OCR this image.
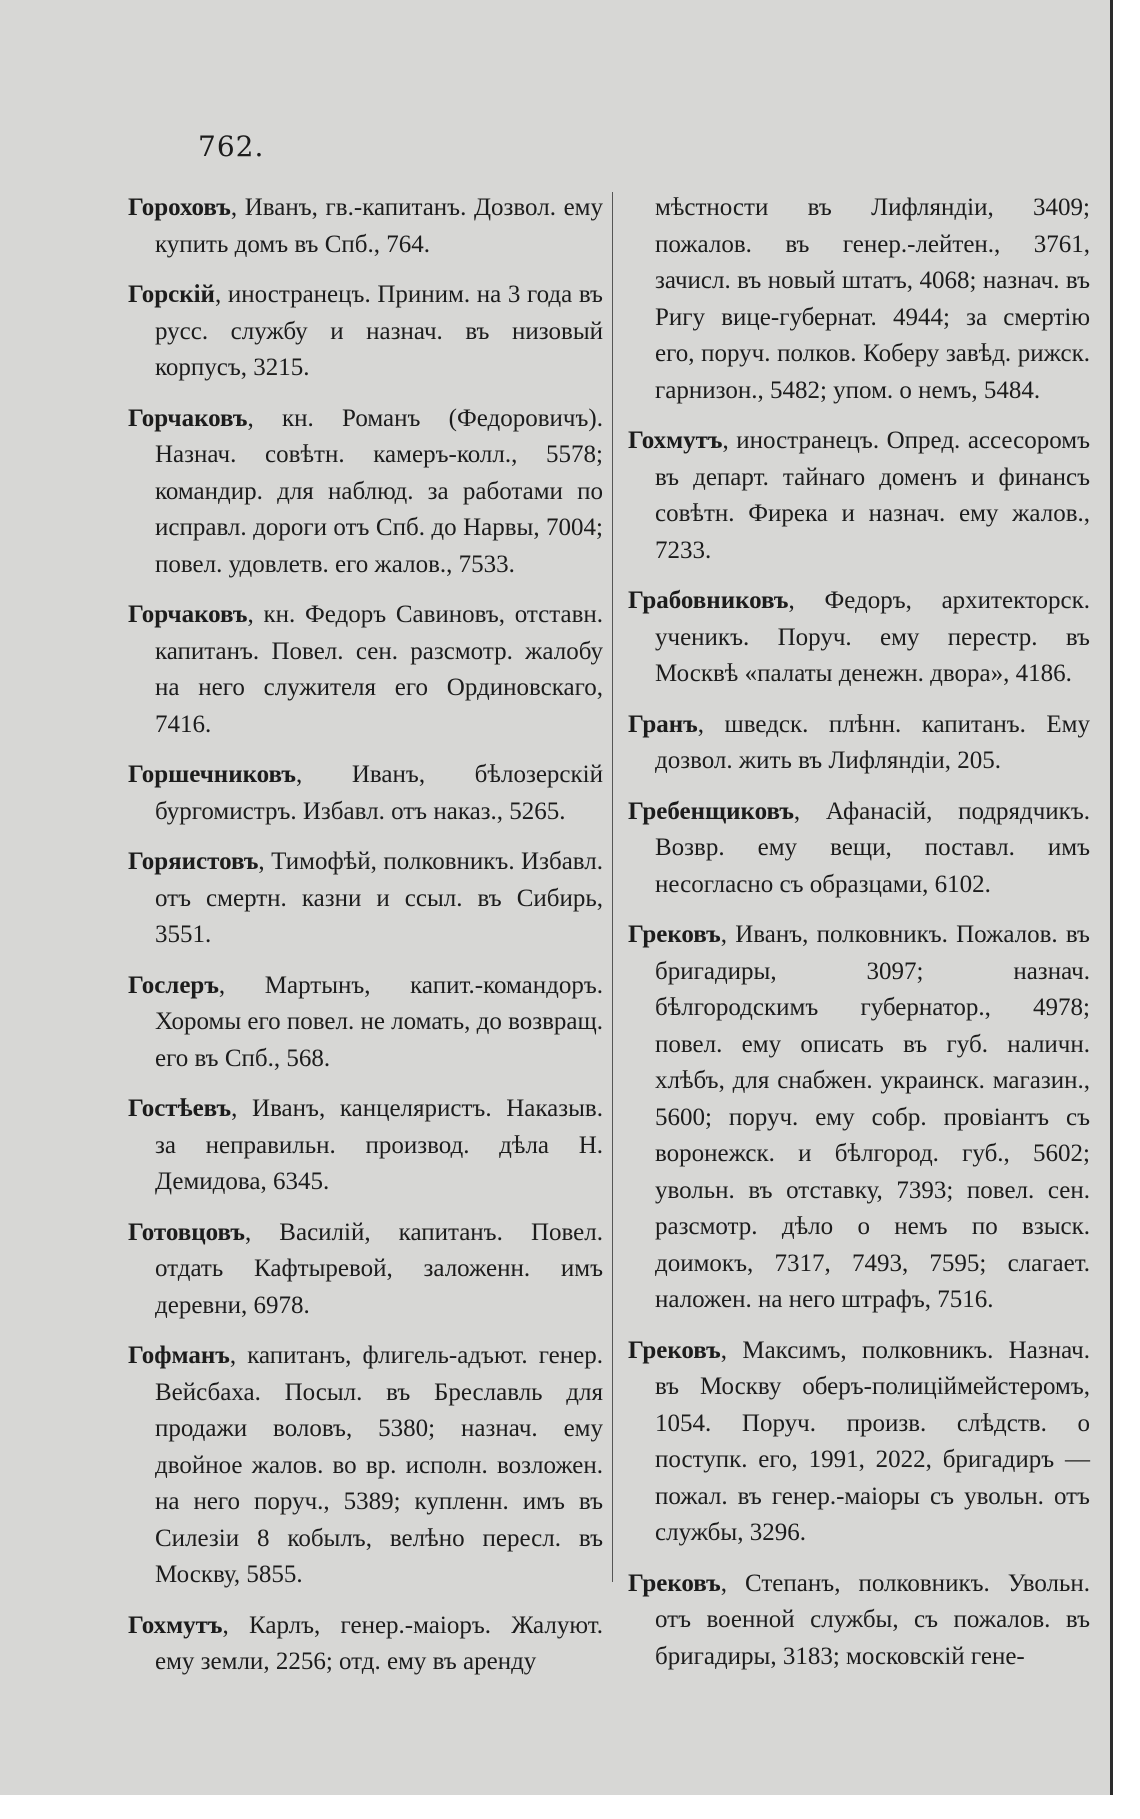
762.
Гороховъ, Иванъ, гв.-капитанъ. Дозвол. ему купить домъ въ Спб., 764.
Горскій, иностранецъ. Приним. на 3 года въ русс. службу и назнач. въ низовый корпусъ, 3215.
Горчаковъ, кн. Романъ (Федоровичъ). Назнач. совѣтн. камеръ-колл., 5578; командир. для наблюд. за работами по исправл. дороги отъ Спб. до Нарвы, 7004; повел. удовлетв. его жалов., 7533.
Горчаковъ, кн. Федоръ Савиновъ, отставн. капитанъ. Повел. сен. разсмотр. жалобу на него служителя его Ординовскаго, 7416.
Горшечниковъ, Иванъ, бѣлозерскій бургомистръ. Избавл. отъ наказ., 5265.
Горяистовъ, Тимофѣй, полковникъ. Избавл. отъ смертн. казни и ссыл. въ Сибирь, 3551.
Гослеръ, Мартынъ, капит.-командоръ. Хоромы его повел. не ломать, до возвращ. его въ Спб., 568.
Гостѣевъ, Иванъ, канцеляристъ. Наказыв. за неправильн. производ. дѣла Н. Демидова, 6345.
Готовцовъ, Василій, капитанъ. Повел. отдать Кафтыревой, заложенн. имъ деревни, 6978.
Гофманъ, капитанъ, флигель-адъют. генер. Вейсбаха. Посыл. въ Бреславль для продажи воловъ, 5380; назнач. ему двойное жалов. во вр. исполн. возложен. на него поруч., 5389; купленн. имъ въ Силезіи 8 кобылъ, велѣно пересл. въ Москву, 5855.
Гохмутъ, Карлъ, генер.-маіоръ. Жалуют. ему земли, 2256; отд. ему въ аренду
мѣстности въ Лифляндіи, 3409; пожалов. въ генер.-лейтен., 3761, зачисл. въ новый штатъ, 4068; назнач. въ Ригу вице-губернат. 4944; за смертію его, поруч. полков. Коберу завѣд. рижск. гарнизон., 5482; упом. о немъ, 5484.
Гохмутъ, иностранецъ. Опред. ассесоромъ въ департ. тайнаго доменъ и финансъ совѣтн. Фирека и назнач. ему жалов., 7233.
Грабовниковъ, Федоръ, архитекторск. ученикъ. Поруч. ему перестр. въ Москвѣ «палаты денежн. двора», 4186.
Гранъ, шведск. плѣнн. капитанъ. Ему дозвол. жить въ Лифляндіи, 205.
Гребенщиковъ, Афанасій, подрядчикъ. Возвр. ему вещи, поставл. имъ несогласно съ образцами, 6102.
Грековъ, Иванъ, полковникъ. Пожалов. въ бригадиры, 3097; назнач. бѣлгородскимъ губернатор., 4978; повел. ему описать въ губ. наличн. хлѣбъ, для снабжен. украинск. магазин., 5600; поруч. ему собр. провіантъ съ воронежск. и бѣлгород. губ., 5602; увольн. въ отставку, 7393; повел. сен. разсмотр. дѣло о немъ по взыск. доимокъ, 7317, 7493, 7595; слагает. наложен. на него штрафъ, 7516.
Грековъ, Максимъ, полковникъ. Назнач. въ Москву оберъ-полицiймейстеромъ, 1054. Поруч. произв. слѣдств. о поступк. его, 1991, 2022, бригадиръ — пожал. въ генер.-маіоры съ увольн. отъ службы, 3296.
Грековъ, Степанъ, полковникъ. Увольн. отъ военной службы, съ пожалов. въ бригадиры, 3183; московскій гене-
